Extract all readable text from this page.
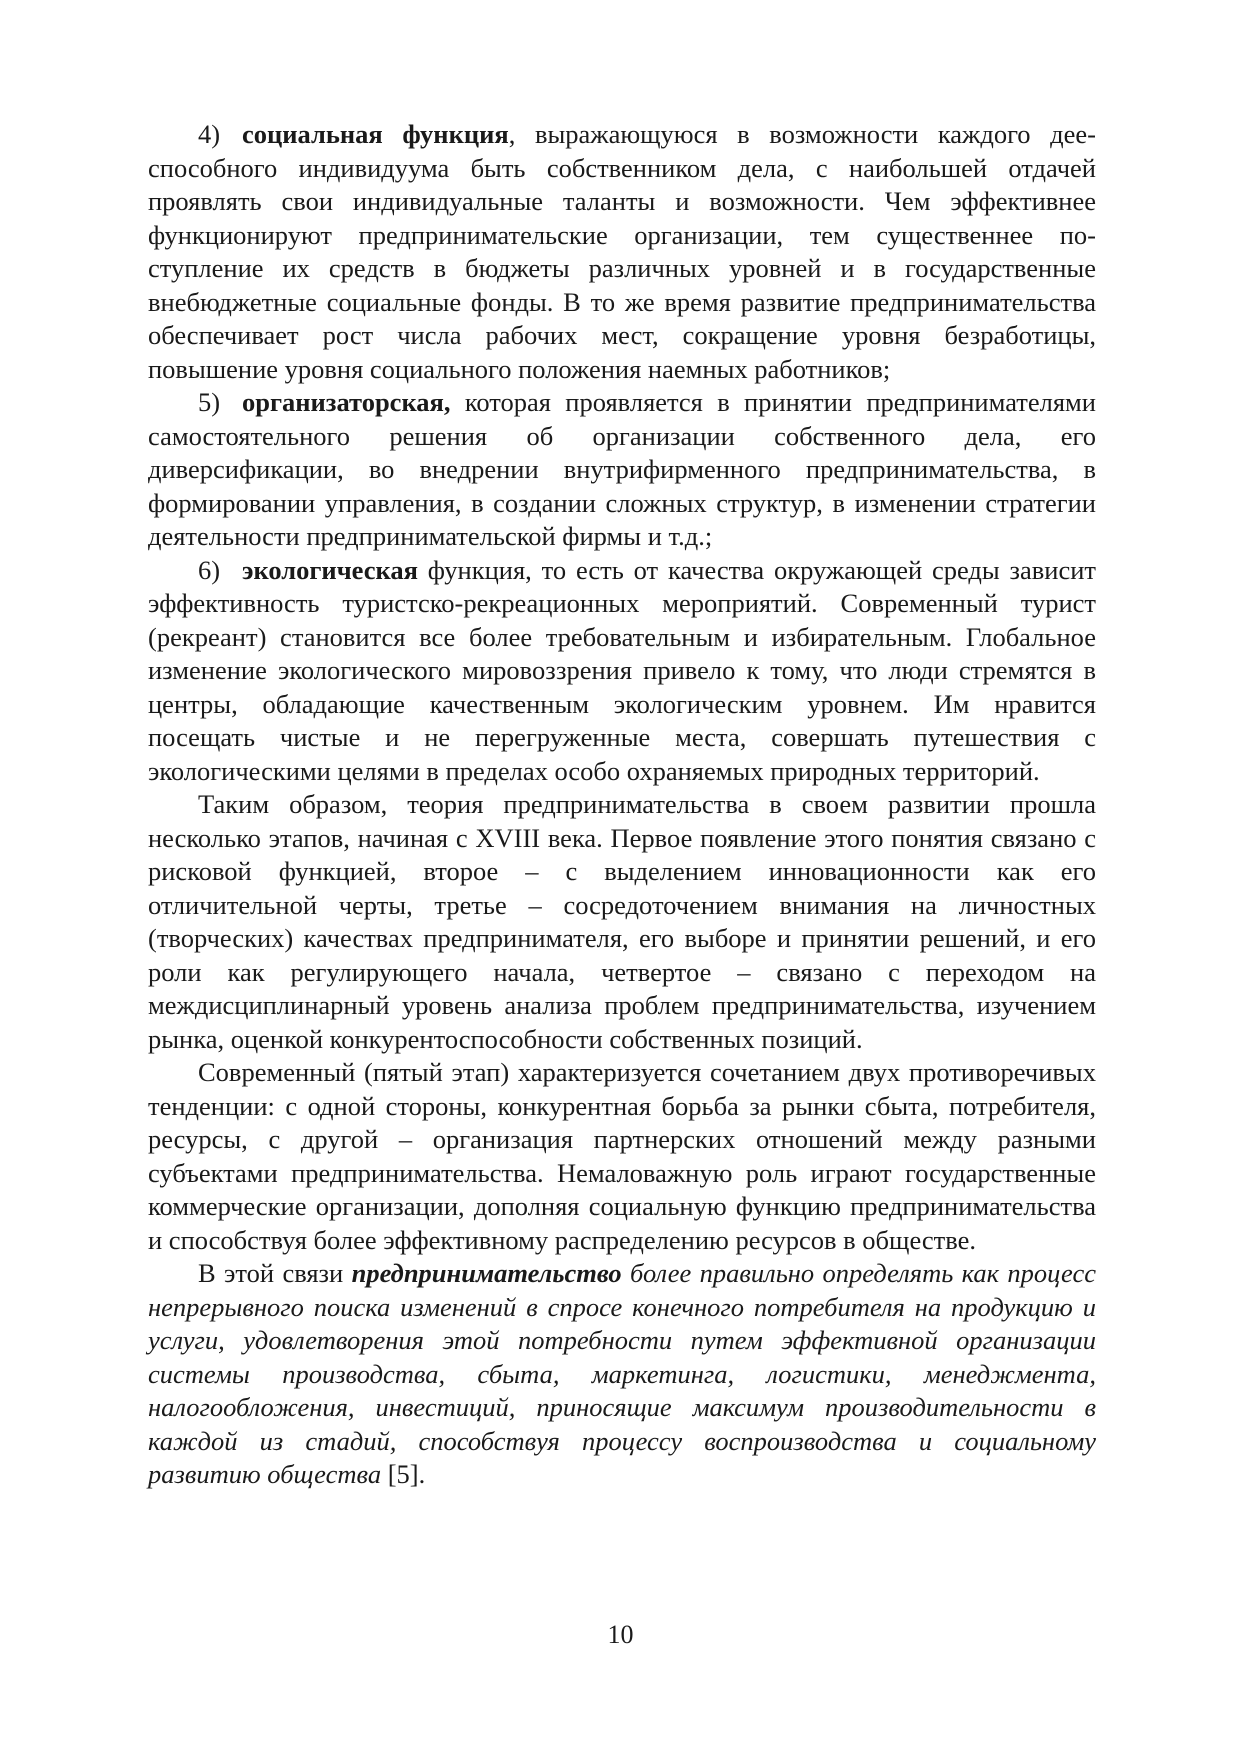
4) социальная функция, выражающуюся в возможности каждого дееспособного индивидуума быть собственником дела, с наибольшей отдачей проявлять свои индивидуальные таланты и возможности. Чем эффективнее функционируют предпринимательские организации, тем существеннее поступление их средств в бюджеты различных уровней и в государственные внебюджетные социальные фонды. В то же время развитие предпринимательства обеспечивает рост числа рабочих мест, сокращение уровня безработицы, повышение уровня социального положения наемных работников;

5) организаторская, которая проявляется в принятии предпринимателями самостоятельного решения об организации собственного дела, его диверсификации, во внедрении внутрифирменного предпринимательства, в формировании управления, в создании сложных структур, в изменении стратегии деятельности предпринимательской фирмы и т.д.;

6) экологическая функция, то есть от качества окружающей среды зависит эффективность туристско-рекреационных мероприятий. Современный турист (рекреант) становится все более требовательным и избирательным. Глобальное изменение экологического мировоззрения привело к тому, что люди стремятся в центры, обладающие качественным экологическим уровнем. Им нравится посещать чистые и не перегруженные места, совершать путешествия с экологическими целями в пределах особо охраняемых природных территорий.

Таким образом, теория предпринимательства в своем развитии прошла несколько этапов, начиная с XVIII века. Первое появление этого понятия связано с рисковой функцией, второе – с выделением инновационности как его отличительной черты, третье – сосредоточением внимания на личностных (творческих) качествах предпринимателя, его выборе и принятии решений, и его роли как регулирующего начала, четвертое – связано с переходом на междисциплинарный уровень анализа проблем предпринимательства, изучением рынка, оценкой конкурентоспособности собственных позиций.

Современный (пятый этап) характеризуется сочетанием двух противоречивых тенденции: с одной стороны, конкурентная борьба за рынки сбыта, потребителя, ресурсы, с другой – организация партнерских отношений между разными субъектами предпринимательства. Немаловажную роль играют государственные коммерческие организации, дополняя социальную функцию предпринимательства и способствуя более эффективному распределению ресурсов в обществе.

В этой связи предпринимательство более правильно определять как процесс непрерывного поиска изменений в спросе конечного потребителя на продукцию и услуги, удовлетворения этой потребности путем эффективной организации системы производства, сбыта, маркетинга, логистики, менеджмента, налогообложения, инвестиций, приносящие максимум производительности в каждой из стадий, способствуя процессу воспроизводства и социальному развитию общества [5].

10
